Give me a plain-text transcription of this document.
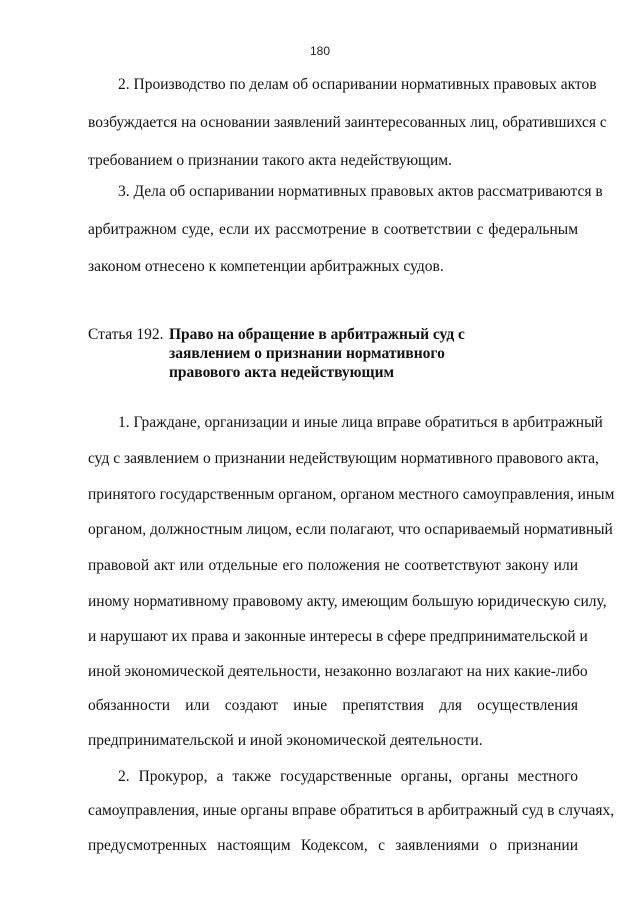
180
2. Производство по делам об оспаривании нормативных правовых актов
возбуждается на основании заявлений заинтересованных лиц, обратившихся с
требованием о признании такого акта недействующим.
3. Дела об оспаривании нормативных правовых актов рассматриваются в
арбитражном суде, если их рассмотрение в соответствии с федеральным
законом отнесено к компетенции арбитражных судов.
Статья 192. Право на обращение в арбитражный суд с
заявлением о признании нормативного
правового акта недействующим
1. Граждане, организации и иные лица вправе обратиться в арбитражный
суд с заявлением о признании недействующим нормативного правового акта,
принятого государственным органом, органом местного самоуправления, иным
органом, должностным лицом, если полагают, что оспариваемый нормативный
правовой акт или отдельные его положения не соответствуют закону или
иному нормативному правовому акту, имеющим большую юридическую силу,
и нарушают их права и законные интересы в сфере предпринимательской и
иной экономической деятельности, незаконно возлагают на них какие-либо
обязанности или создают иные препятствия для осуществления
предпринимательской и иной экономической деятельности.
2. Прокурор, а также государственные органы, органы местного
самоуправления, иные органы вправе обратиться в арбитражный суд в случаях,
предусмотренных настоящим Кодексом, с заявлениями о признании
